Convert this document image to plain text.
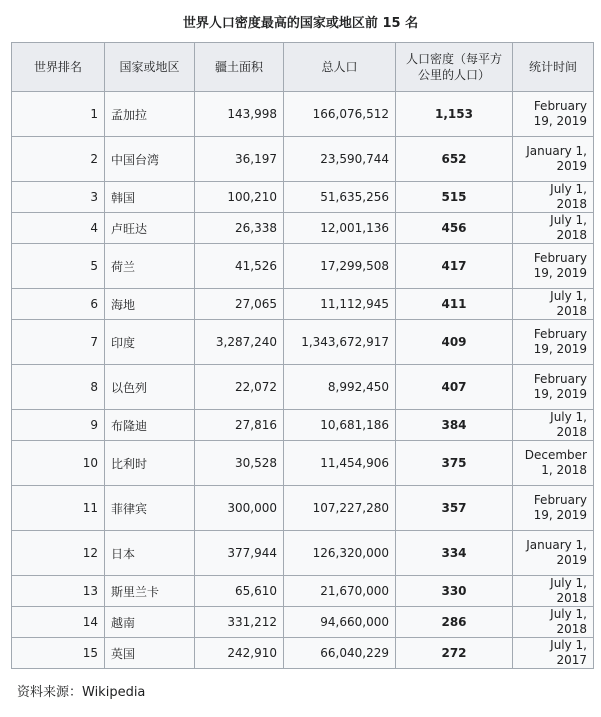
世界人口密度最高的国家或地区前 15 名
世界排名	国家或地区	疆土面积	总人口	人口密度（每平方公里的人口）	统计时间
1	孟加拉	143,998	166,076,512	1,153	February 19, 2019
2	中国台湾	36,197	23,590,744	652	January 1, 2019
3	韩国	100,210	51,635,256	515	July 1, 2018
4	卢旺达	26,338	12,001,136	456	July 1, 2018
5	荷兰	41,526	17,299,508	417	February 19, 2019
6	海地	27,065	11,112,945	411	July 1, 2018
7	印度	3,287,240	1,343,672,917	409	February 19, 2019
8	以色列	22,072	8,992,450	407	February 19, 2019
9	布隆迪	27,816	10,681,186	384	July 1, 2018
10	比利时	30,528	11,454,906	375	December 1, 2018
11	菲律宾	300,000	107,227,280	357	February 19, 2019
12	日本	377,944	126,320,000	334	January 1, 2019
13	斯里兰卡	65,610	21,670,000	330	July 1, 2018
14	越南	331,212	94,660,000	286	July 1, 2018
15	英国	242,910	66,040,229	272	July 1, 2017
资料来源：Wikipedia
